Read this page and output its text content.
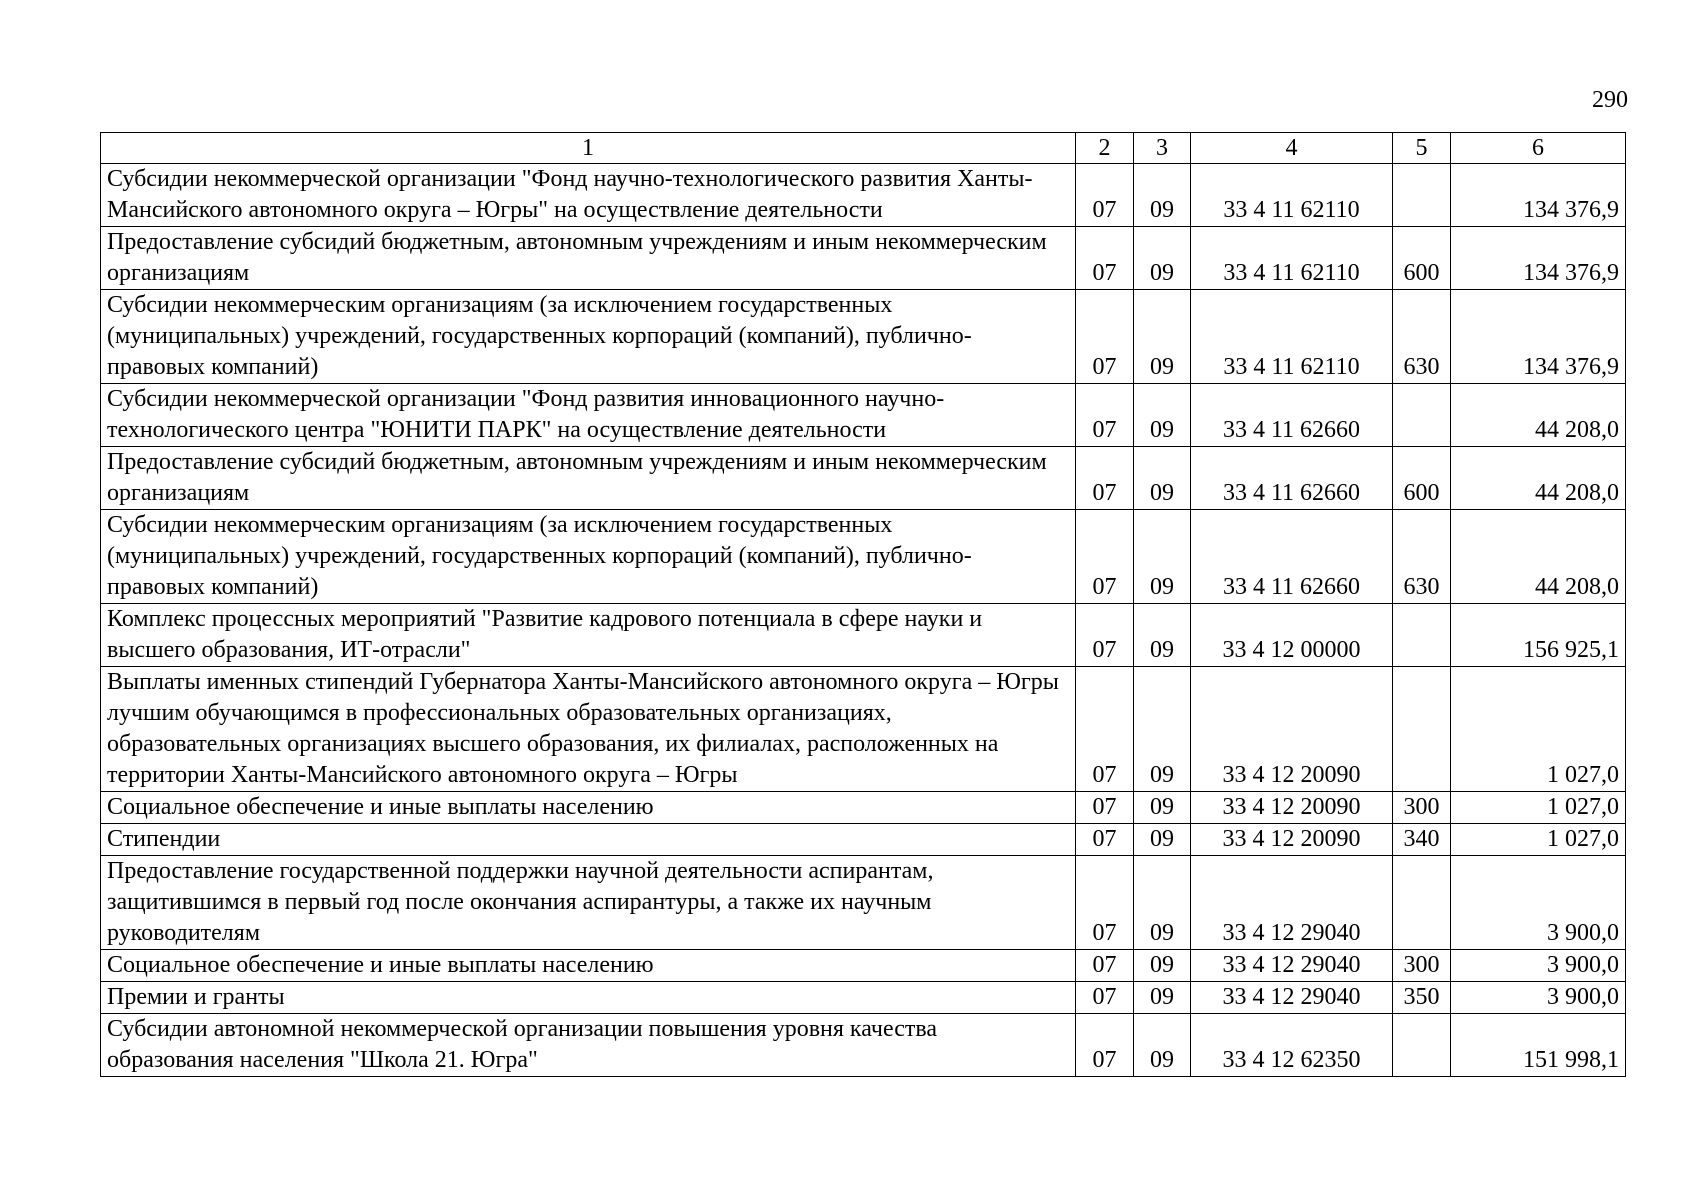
290
1	2	3	4	5	6
Субсидии некоммерческой организации "Фонд научно-технологического развития Ханты-Мансийского автономного округа – Югры" на осуществление деятельности	07	09	33 4 11 62110		134 376,9
Предоставление субсидий бюджетным, автономным учреждениям и иным некоммерческим организациям	07	09	33 4 11 62110	600	134 376,9
Субсидии некоммерческим организациям (за исключением государственных (муниципальных) учреждений, государственных корпораций (компаний), публично-правовых компаний)	07	09	33 4 11 62110	630	134 376,9
Субсидии некоммерческой организации "Фонд развития инновационного научно-технологического центра "ЮНИТИ ПАРК" на осуществление деятельности	07	09	33 4 11 62660		44 208,0
Предоставление субсидий бюджетным, автономным учреждениям и иным некоммерческим организациям	07	09	33 4 11 62660	600	44 208,0
Субсидии некоммерческим организациям (за исключением государственных (муниципальных) учреждений, государственных корпораций (компаний), публично-правовых компаний)	07	09	33 4 11 62660	630	44 208,0
Комплекс процессных мероприятий "Развитие кадрового потенциала в сфере науки и высшего образования, ИТ-отрасли"	07	09	33 4 12 00000		156 925,1
Выплаты именных стипендий Губернатора Ханты-Мансийского автономного округа – Югры лучшим обучающимся в профессиональных образовательных организациях, образовательных организациях высшего образования, их филиалах, расположенных на территории Ханты-Мансийского автономного округа – Югры	07	09	33 4 12 20090		1 027,0
Социальное обеспечение и иные выплаты населению	07	09	33 4 12 20090	300	1 027,0
Стипендии	07	09	33 4 12 20090	340	1 027,0
Предоставление государственной поддержки научной деятельности аспирантам, защитившимся в первый год после окончания аспирантуры, а также их научным руководителям	07	09	33 4 12 29040		3 900,0
Социальное обеспечение и иные выплаты населению	07	09	33 4 12 29040	300	3 900,0
Премии и гранты	07	09	33 4 12 29040	350	3 900,0
Субсидии автономной некоммерческой организации повышения уровня качества образования населения "Школа 21. Югра"	07	09	33 4 12 62350		151 998,1
